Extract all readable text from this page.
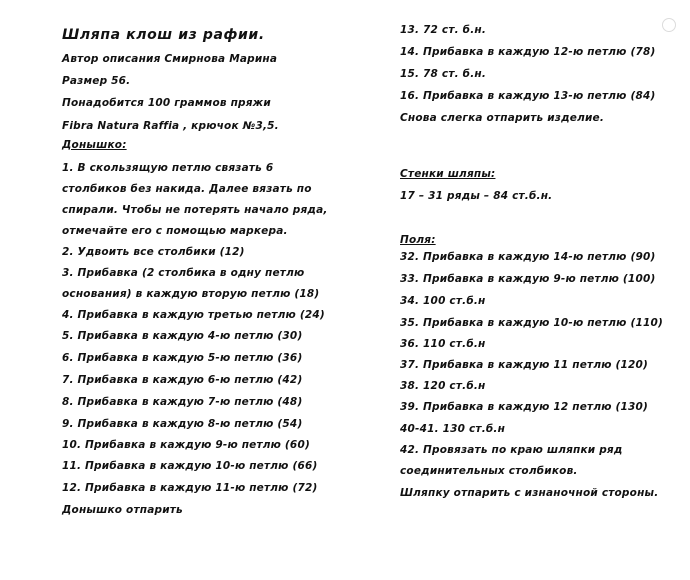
Шляпа клош из рафии.
Автор описания Смирнова Марина
Размер 56.
Понадобится 100 граммов пряжи
Fibra Natura Raffia , крючок №3,5.
Донышко:
1. В скользящую петлю связать 6
столбиков без накида. Далее вязать по
спирали. Чтобы не потерять начало ряда,
отмечайте его с помощью маркера.
2. Удвоить все столбики (12)
3. Прибавка (2 столбика в одну петлю
основания) в каждую вторую петлю (18)
4. Прибавка в каждую третью петлю (24)
5. Прибавка в каждую 4-ю петлю (30)
6. Прибавка в каждую 5-ю петлю (36)
7. Прибавка в каждую 6-ю петлю (42)
8. Прибавка в каждую 7-ю петлю (48)
9. Прибавка в каждую 8-ю петлю (54)
10. Прибавка в каждую 9-ю петлю (60)
11. Прибавка в каждую 10-ю петлю (66)
12. Прибавка в каждую 11-ю петлю (72)
Донышко отпарить
13. 72 ст. б.н.
14. Прибавка в каждую 12-ю петлю (78)
15. 78 ст. б.н.
16. Прибавка в каждую 13-ю петлю (84)
Снова слегка отпарить изделие.
Стенки шляпы:
17 – 31 ряды – 84 ст.б.н.
Поля:
32. Прибавка в каждую 14-ю петлю (90)
33. Прибавка в каждую 9-ю петлю (100)
34. 100 ст.б.н
35. Прибавка в каждую 10-ю петлю (110)
36. 110 ст.б.н
37. Прибавка в каждую 11 петлю (120)
38. 120 ст.б.н
39. Прибавка в каждую 12 петлю (130)
40-41. 130 ст.б.н
42. Провязать по краю шляпки ряд
соединительных столбиков.
Шляпку отпарить с изнаночной стороны.
